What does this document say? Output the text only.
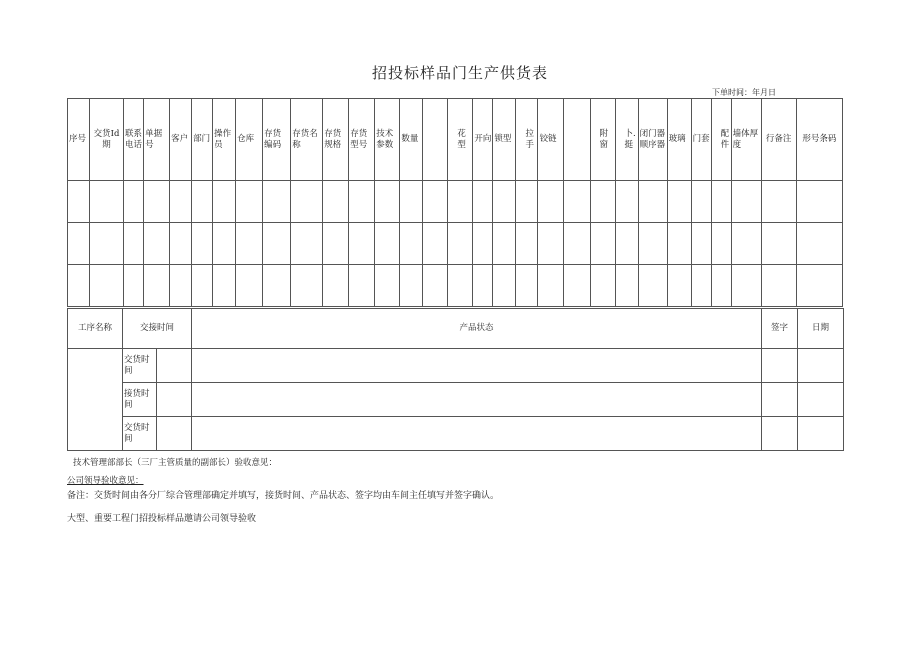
招投标样品门生产供货表
下单时间：年月日
序号	交货Id期	联系电话	单据号	客户	部门	操作员	仓库	存货编码	存货名称	存货规格	存货型号	技术参数	数量		花型	开向	锁型	拉手	铰链		附窗	卜.挺	闭门器顺序器	玻璃	门套	配件	墙体厚度	行备注	形号条码

工序名称	交接时间		产品状态	签字	日期
	交货时间				
	接货时间				
	交货时间				
技术管理部部长（三厂主管质量的副部长）验收意见：
公司领导验收意见：
备注：交货时间由各分厂综合管理部确定并填写，接货时间、产品状态、签字均由车间主任填写并签字确认。
大型、重要工程门招投标样品邀请公司领导验收
